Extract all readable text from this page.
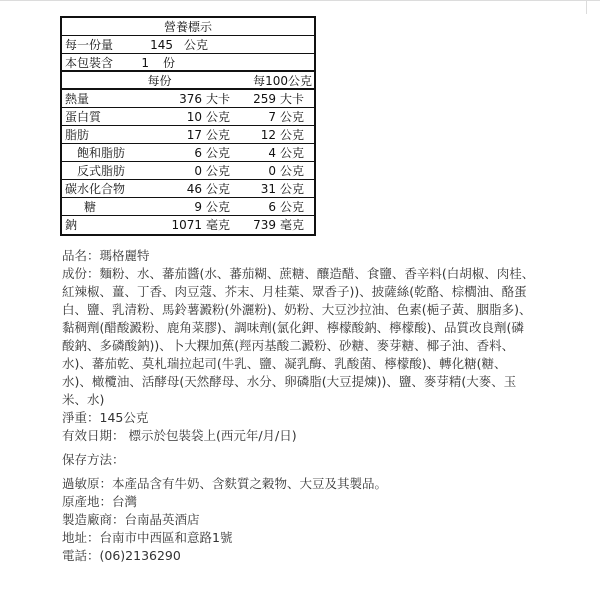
營養標示
每一份量	145 公克
本包裝含	1	份
每份	每100公克
熱量	376 大卡	259 大卡
蛋白質	10 公克	7 公克
脂肪	17 公克	12 公克
飽和脂肪	6 公克	4 公克
反式脂肪	0 公克	0 公克
碳水化合物	46 公克	31 公克
糖	9 公克	6 公克
鈉	1071 毫克	739 毫克

品名：瑪格麗特

成份：麵粉、水、蕃茄醬(水、蕃茄糊、蔗糖、釀造醋、食鹽、香辛料(白胡椒、肉桂、紅辣椒、薑、丁香、肉豆蔻、芥末、月桂葉、眾香子))、披薩絲(乾酪、棕櫚油、酪蛋白、鹽、乳清粉、馬鈴薯澱粉(外灑粉)、奶粉、大豆沙拉油、色素(梔子黃、胭脂多)、黏稠劑(醋酸澱粉、鹿角菜膠)、調味劑(氯化鉀、檸檬酸鈉、檸檬酸)、品質改良劑(磷酸鈉、多磷酸鈉))、卜大粿加蕉(羥丙基酸二澱粉、砂糖、麥芽糖、椰子油、香料、水)、蕃茄乾、莫札瑞拉起司(牛乳、鹽、凝乳酶、乳酸菌、檸檬酸)、轉化糖(糖、水)、橄欖油、活酵母(天然酵母、水分、卵磷脂(大豆提煉))、鹽、麥芽精(大麥、玉米、水)

淨重：145公克

有效日期： 標示於包裝袋上(西元年/月/日)

保存方法：

過敏原：本產品含有牛奶、含麩質之穀物、大豆及其製品。

原產地：台灣

製造廠商：台南晶英酒店

地址：台南市中西區和意路1號

電話：(06)2136290
